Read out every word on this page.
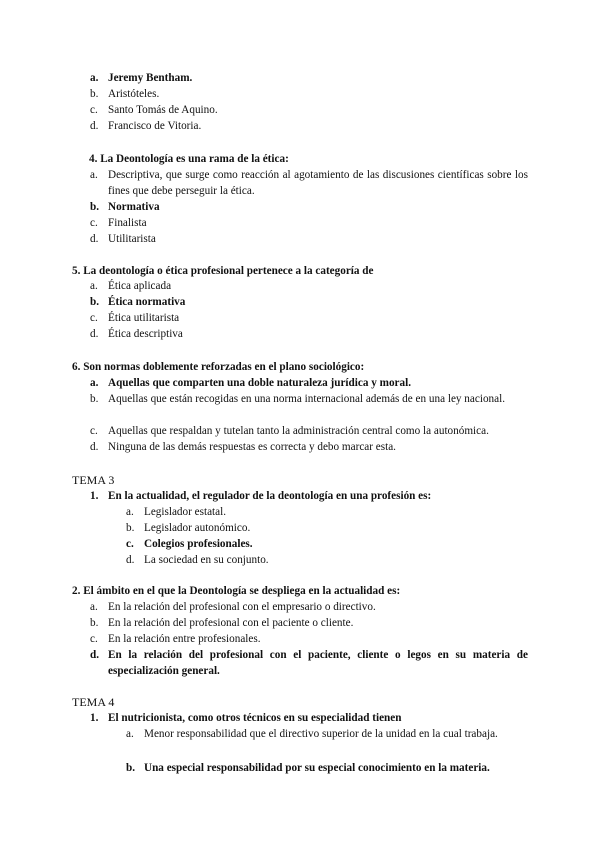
a. Jeremy Bentham.
b. Aristóteles.
c. Santo Tomás de Aquino.
d. Francisco de Vitoria.
4. La Deontología es una rama de la ética:
a. Descriptiva, que surge como reacción al agotamiento de las discusiones científicas sobre los fines que debe perseguir la ética.
b. Normativa
c. Finalista
d. Utilitarista
5. La deontología o ética profesional pertenece a la categoría de
a. Ética aplicada
b. Ética normativa
c. Ética utilitarista
d. Ética descriptiva
6. Son normas doblemente reforzadas en el plano sociológico:
a. Aquellas que comparten una doble naturaleza jurídica y moral.
b. Aquellas que están recogidas en una norma internacional además de en una ley nacional.
c. Aquellas que respaldan y tutelan tanto la administración central como la autonómica.
d. Ninguna de las demás respuestas es correcta y debo marcar esta.
TEMA 3
1. En la actualidad, el regulador de la deontología en una profesión es:
a. Legislador estatal.
b. Legislador autonómico.
c. Colegios profesionales.
d. La sociedad en su conjunto.
2. El ámbito en el que la Deontología se despliega en la actualidad es:
a. En la relación del profesional con el empresario o directivo.
b. En la relación del profesional con el paciente o cliente.
c. En la relación entre profesionales.
d. En la relación del profesional con el paciente, cliente o legos en su materia de especialización general.
TEMA 4
1. El nutricionista, como otros técnicos en su especialidad tienen
a. Menor responsabilidad que el directivo superior de la unidad en la cual trabaja.
b. Una especial responsabilidad por su especial conocimiento en la materia.
